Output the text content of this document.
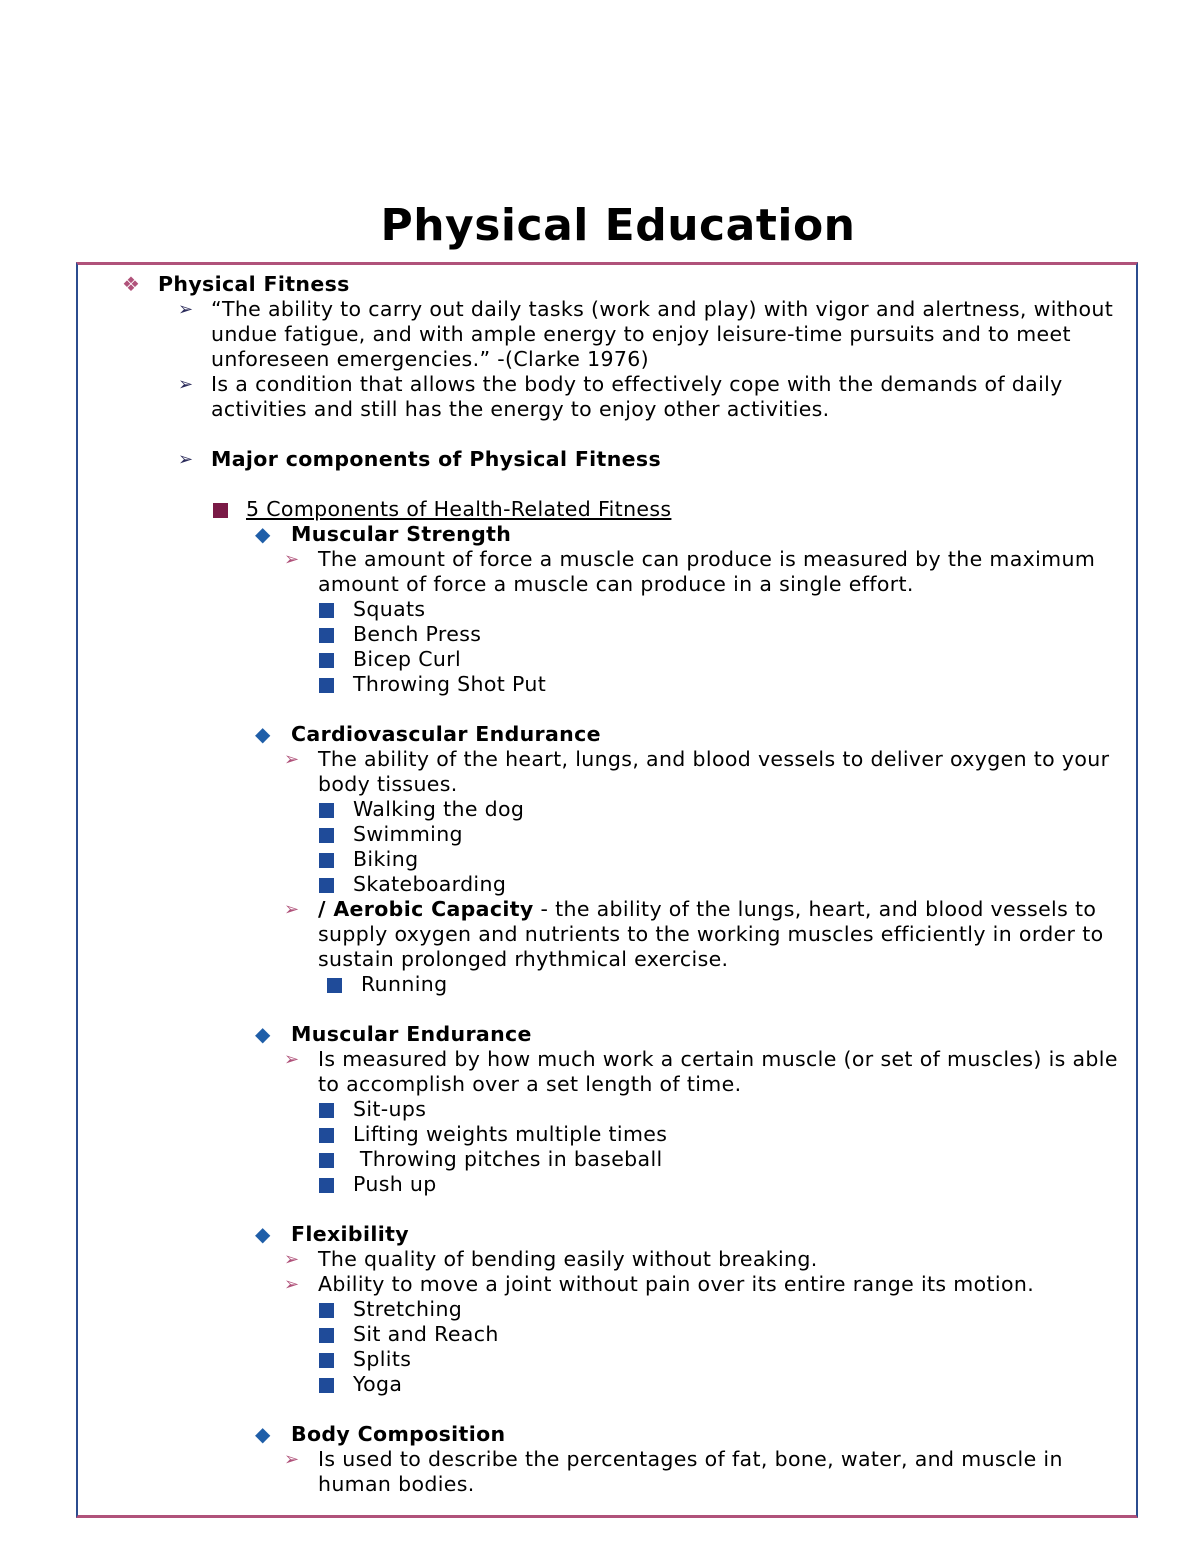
Physical Education
❖ Physical Fitness
➢ “The ability to carry out daily tasks (work and play) with vigor and alertness, without undue fatigue, and with ample energy to enjoy leisure-time pursuits and to meet unforeseen emergencies.” -(Clarke 1976)
➢ Is a condition that allows the body to effectively cope with the demands of daily activities and still has the energy to enjoy other activities.
➢ Major components of Physical Fitness
5 Components of Health-Related Fitness
◆ Muscular Strength
➢ The amount of force a muscle can produce is measured by the maximum amount of force a muscle can produce in a single effort.
Squats
Bench Press
Bicep Curl
Throwing Shot Put
◆ Cardiovascular Endurance
➢ The ability of the heart, lungs, and blood vessels to deliver oxygen to your body tissues.
Walking the dog
Swimming
Biking
Skateboarding
➢ / Aerobic Capacity - the ability of the lungs, heart, and blood vessels to supply oxygen and nutrients to the working muscles efficiently in order to sustain prolonged rhythmical exercise.
Running
◆ Muscular Endurance
➢ Is measured by how much work a certain muscle (or set of muscles) is able to accomplish over a set length of time.
Sit-ups
Lifting weights multiple times
Throwing pitches in baseball
Push up
◆ Flexibility
➢ The quality of bending easily without breaking.
➢ Ability to move a joint without pain over its entire range its motion.
Stretching
Sit and Reach
Splits
Yoga
◆ Body Composition
➢ Is used to describe the percentages of fat, bone, water, and muscle in human bodies.
